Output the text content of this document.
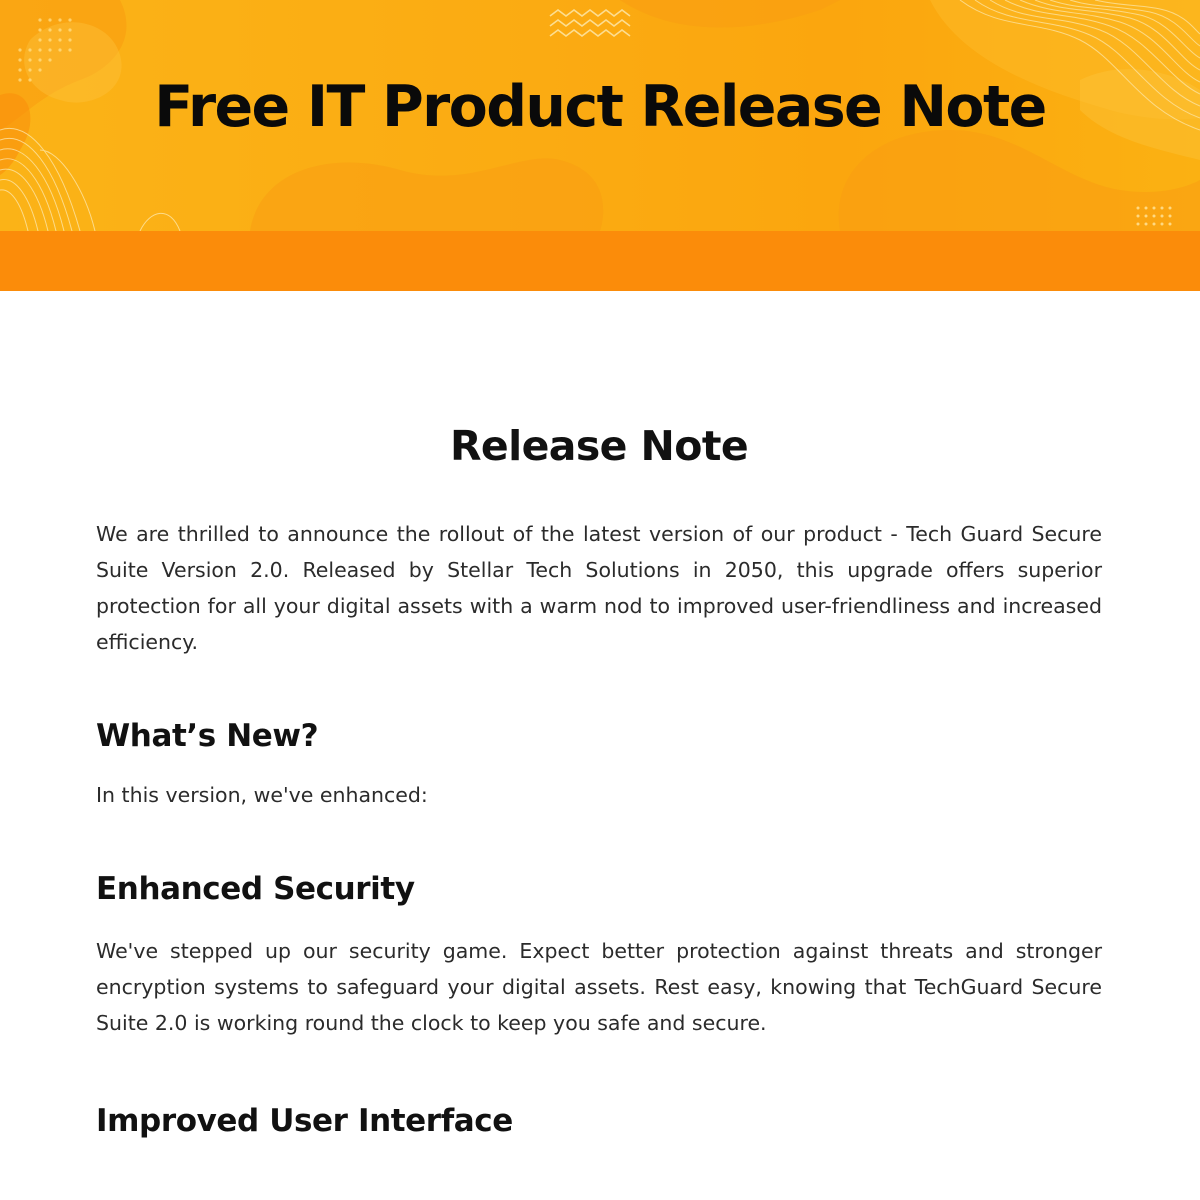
Free IT Product Release Note
Release Note

We are thrilled to announce the rollout of the latest version of our product - Tech Guard Secure Suite Version 2.0. Released by Stellar Tech Solutions in 2050, this upgrade offers superior protection for all your digital assets with a warm nod to improved user-friendliness and increased efficiency.

What’s New?

In this version, we've enhanced:

Enhanced Security

We've stepped up our security game. Expect better protection against threats and stronger encryption systems to safeguard your digital assets. Rest easy, knowing that TechGuard Secure Suite 2.0 is working round the clock to keep you safe and secure.

Improved User Interface
